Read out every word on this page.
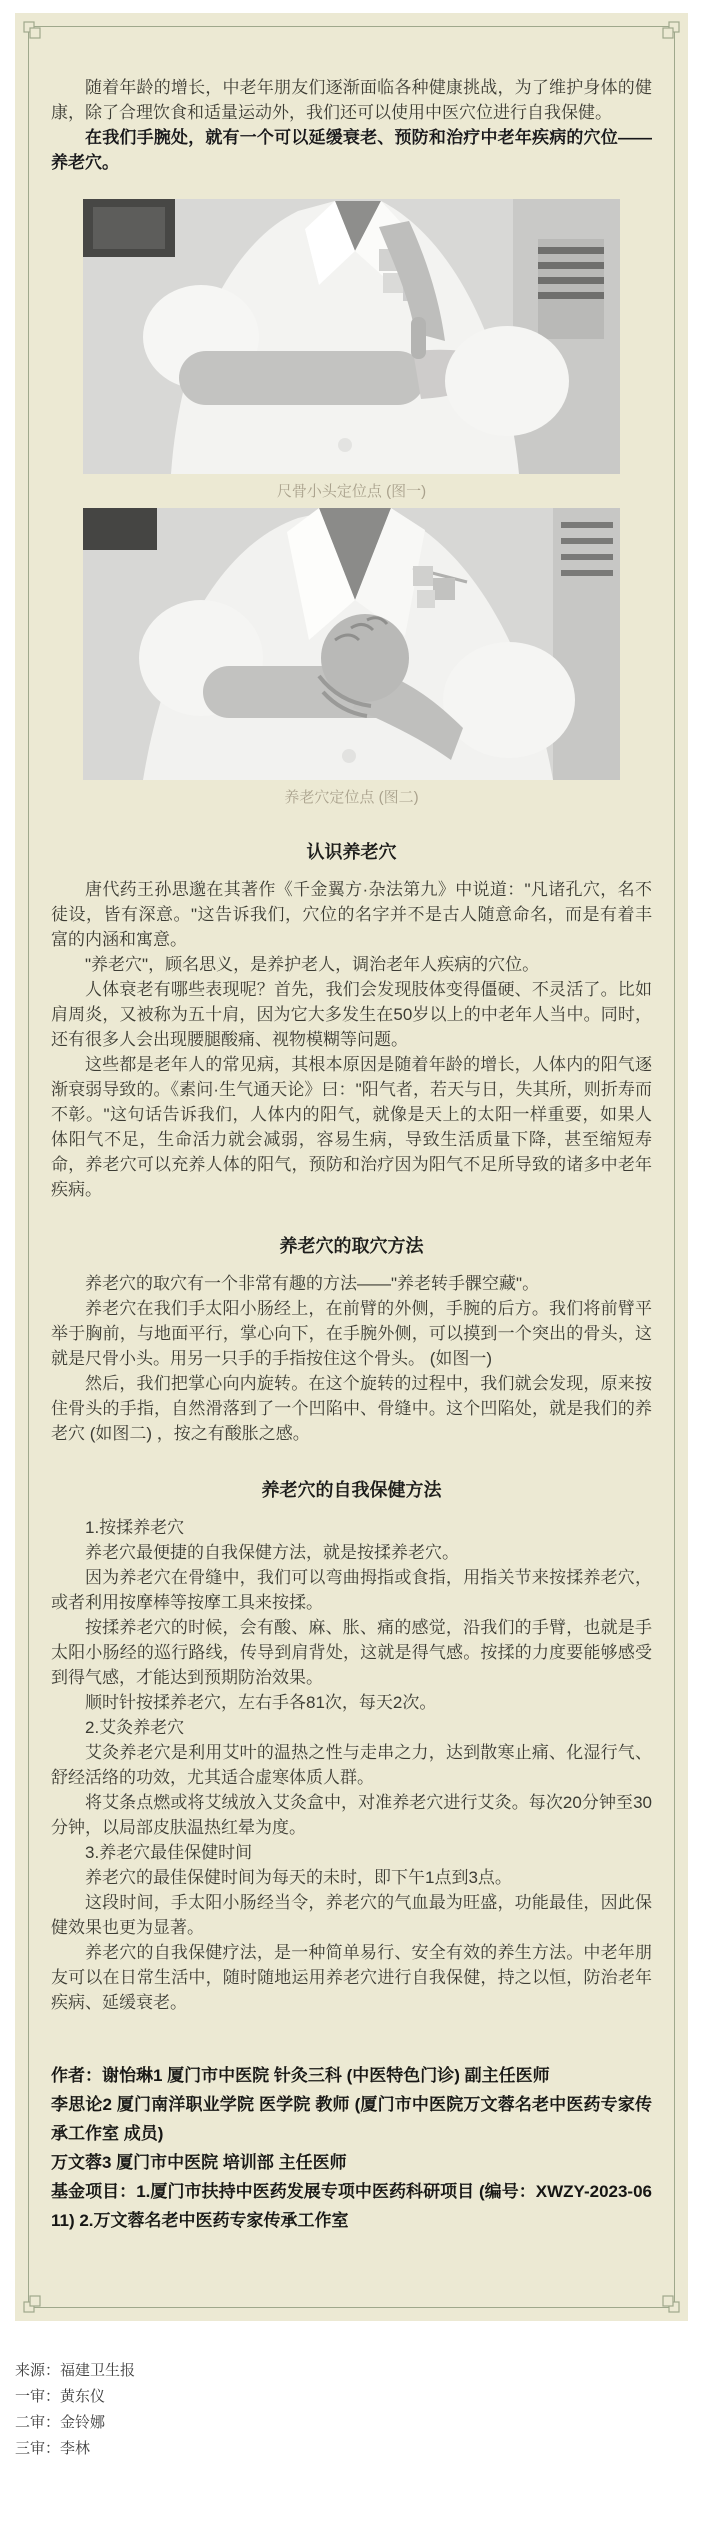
随着年龄的增长，中老年朋友们逐渐面临各种健康挑战，为了维护身体的健康，除了合理饮食和适量运动外，我们还可以使用中医穴位进行自我保健。

在我们手腕处，就有一个可以延缓衰老、预防和治疗中老年疾病的穴位——养老穴。

尺骨小头定位点 (图一)
养老穴定位点 (图二)
认识养老穴

唐代药王孙思邈在其著作《千金翼方·杂法第九》中说道："凡诸孔穴，名不徒设，皆有深意。"这告诉我们，穴位的名字并不是古人随意命名，而是有着丰富的内涵和寓意。

"养老穴"，顾名思义，是养护老人，调治老年人疾病的穴位。

人体衰老有哪些表现呢？首先，我们会发现肢体变得僵硬、不灵活了。比如肩周炎，又被称为五十肩，因为它大多发生在50岁以上的中老年人当中。同时，还有很多人会出现腰腿酸痛、视物模糊等问题。

这些都是老年人的常见病，其根本原因是随着年龄的增长，人体内的阳气逐渐衰弱导致的。《素问·生气通天论》曰："阳气者，若天与日，失其所，则折寿而不彰。"这句话告诉我们，人体内的阳气，就像是天上的太阳一样重要，如果人体阳气不足，生命活力就会减弱，容易生病，导致生活质量下降，甚至缩短寿命，养老穴可以充养人体的阳气，预防和治疗因为阳气不足所导致的诸多中老年疾病。

养老穴的取穴方法

养老穴的取穴有一个非常有趣的方法——"养老转手髁空藏"。

养老穴在我们手太阳小肠经上，在前臂的外侧，手腕的后方。我们将前臂平举于胸前，与地面平行，掌心向下，在手腕外侧，可以摸到一个突出的骨头，这就是尺骨小头。用另一只手的手指按住这个骨头。 (如图一)

然后，我们把掌心向内旋转。在这个旋转的过程中，我们就会发现，原来按住骨头的手指，自然滑落到了一个凹陷中、骨缝中。这个凹陷处，就是我们的养老穴 (如图二) ，按之有酸胀之感。

养老穴的自我保健方法

1.按揉养老穴

养老穴最便捷的自我保健方法，就是按揉养老穴。

因为养老穴在骨缝中，我们可以弯曲拇指或食指，用指关节来按揉养老穴，或者利用按摩棒等按摩工具来按揉。

按揉养老穴的时候，会有酸、麻、胀、痛的感觉，沿我们的手臂，也就是手太阳小肠经的巡行路线，传导到肩背处，这就是得气感。按揉的力度要能够感受到得气感，才能达到预期防治效果。

顺时针按揉养老穴，左右手各81次，每天2次。

2.艾灸养老穴

艾灸养老穴是利用艾叶的温热之性与走串之力，达到散寒止痛、化湿行气、舒经活络的功效，尤其适合虚寒体质人群。

将艾条点燃或将艾绒放入艾灸盒中，对准养老穴进行艾灸。每次20分钟至30分钟，以局部皮肤温热红晕为度。

3.养老穴最佳保健时间

养老穴的最佳保健时间为每天的未时，即下午1点到3点。

这段时间，手太阳小肠经当令，养老穴的气血最为旺盛，功能最佳，因此保健效果也更为显著。

养老穴的自我保健疗法，是一种简单易行、安全有效的养生方法。中老年朋友可以在日常生活中，随时随地运用养老穴进行自我保健，持之以恒，防治老年疾病、延缓衰老。

作者：谢怡琳1 厦门市中医院 针灸三科 (中医特色门诊) 副主任医师

李思论2 厦门南洋职业学院 医学院 教师 (厦门市中医院万文蓉名老中医药专家传承工作室 成员)

万文蓉3 厦门市中医院 培训部 主任医师

基金项目：1.厦门市扶持中医药发展专项中医药科研项目 (编号：XWZY-2023-0611) 2.万文蓉名老中医药专家传承工作室

来源：福建卫生报

一审：黄东仪

二审：金铃娜

三审：李林
